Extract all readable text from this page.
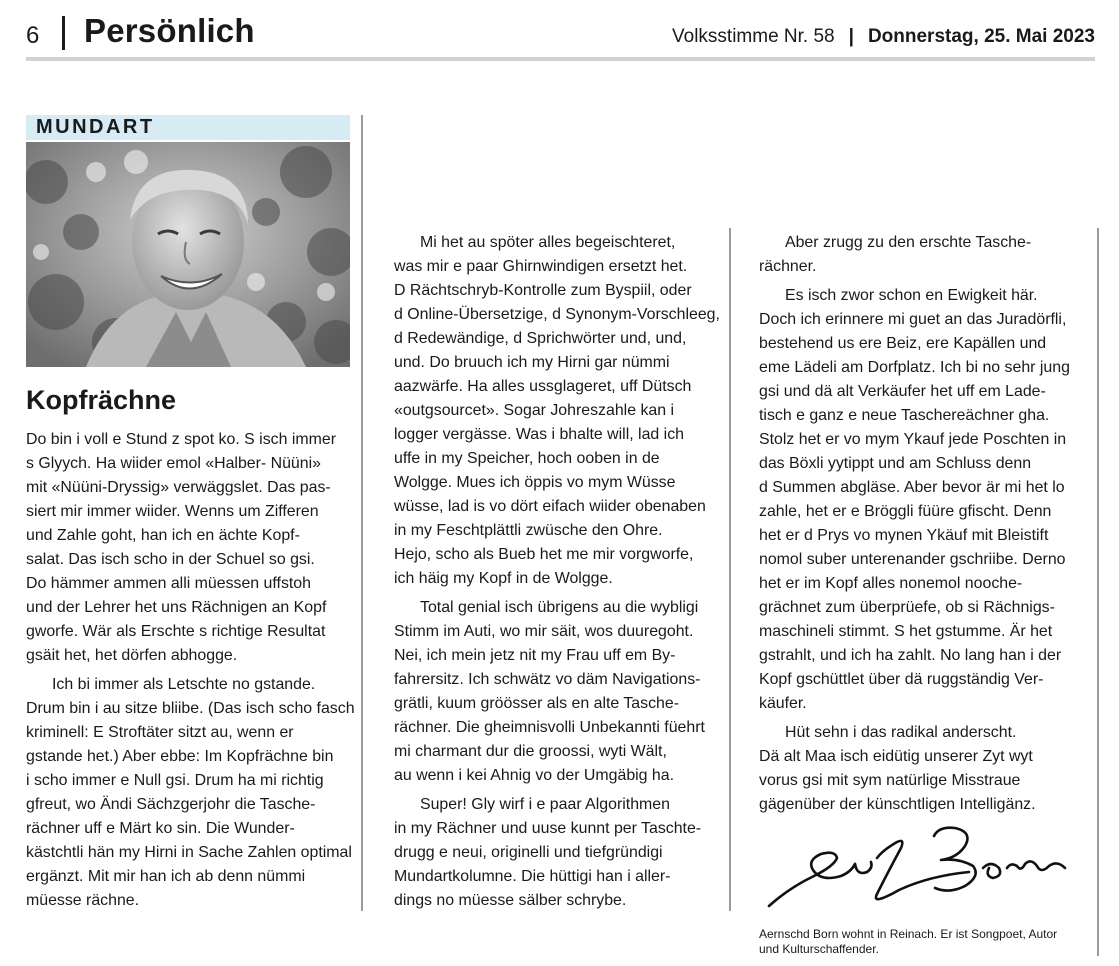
6 Persönlich	Volksstimme Nr. 58 | Donnerstag, 25. Mai 2023
MUNDART
Kopfrächne

Do bin i voll e Stund z spot ko. S isch immer
s Glyych. Ha wiider emol «Halber- Nüüni»
mit «Nüüni-Dryssig» verwäggslet. Das pas-
siert mir immer wiider. Wenns um Zifferen
und Zahle goht, han ich en ächte Kopf-
salat. Das isch scho in der Schuel so gsi.
Do hämmer ammen alli müessen uffstoh
und der Lehrer het uns Rächnigen an Kopf
gworfe. Wär als Erschte s richtige Resultat
gsäit het, het dörfen abhogge.

Ich bi immer als Letschte no gstande.
Drum bin i au sitze bliibe. (Das isch scho fasch
kriminell: E Stroftäter sitzt au, wenn er
gstande het.) Aber ebbe: Im Kopfrächne bin
i scho immer e Null gsi. Drum ha mi richtig
gfreut, wo Ändi Sächzgerjohr die Tasche-
rächner uff e Märt ko sin. Die Wunder-
kästchtli hän my Hirni in Sache Zahlen optimal
ergänzt. Mit mir han ich ab denn nümmi
müesse rächne.

Mi het au spöter alles begeischteret,
was mir e paar Ghirnwindigen ersetzt het.
D Rächtschryb-Kontrolle zum Byspiil, oder
d Online-Übersetzige, d Synonym-Vorschleeg,
d Redewändige, d Sprichwörter und, und,
und. Do bruuch ich my Hirni gar nümmi
aazwärfe. Ha alles ussglageret, uff Dütsch
«outgsourcet». Sogar Johreszahle kan i
logger vergässe. Was i bhalte will, lad ich
uffe in my Speicher, hoch ooben in de
Wolgge. Mues ich öppis vo mym Wüsse
wüsse, lad is vo dört eifach wiider obenaben
in my Feschtplättli zwüsche den Ohre.
Hejo, scho als Bueb het me mir vorgworfe,
ich häig my Kopf in de Wolgge.

Total genial isch übrigens au die wybligi
Stimm im Auti, wo mir säit, wos duuregoht.
Nei, ich mein jetz nit my Frau uff em By-
fahrersitz. Ich schwätz vo däm Navigations-
grätli, kuum gröösser als en alte Tasche-
rächner. Die gheimnisvolli Unbekannti füehrt
mi charmant dur die groossi, wyti Wält,
au wenn i kei Ahnig vo der Umgäbig ha.

Super! Gly wirf i e paar Algorithmen
in my Rächner und uuse kunnt per Taschte-
drugg e neui, originelli und tiefgründigi
Mundartkolumne. Die hüttigi han i aller-
dings no müesse sälber schrybe.

Aber zrugg zu den erschte Tasche-
rächner.

Es isch zwor schon en Ewigkeit här.
Doch ich erinnere mi guet an das Juradörfli,
bestehend us ere Beiz, ere Kapällen und
eme Lädeli am Dorfplatz. Ich bi no sehr jung
gsi und dä alt Verkäufer het uff em Lade-
tisch e ganz e neue Taschereächner gha.
Stolz het er vo mym Ykauf jede Poschten in
das Böxli yytippt und am Schluss denn
d Summen abgläse. Aber bevor är mi het lo
zahle, het er e Bröggli füüre gfischt. Denn
het er d Prys vo mynen Ykäuf mit Bleistift
nomol suber unterenander gschriibe. Derno
het er im Kopf alles nonemol nooche-
grächnet zum überprüefe, ob si Rächnigs-
maschineli stimmt. S het gstumme. Är het
gstrahlt, und ich ha zahlt. No lang han i der
Kopf gschüttlet über dä ruggständig Ver-
käufer.

Hüt sehn i das radikal anderscht.
Dä alt Maa isch eidütig unserer Zyt wyt
vorus gsi mit sym natürlige Misstraue
gägenüber der künschtligen Intelligänz.

Aernschd Born wohnt in Reinach. Er ist Songpoet, Autor
und Kulturschaffender.
